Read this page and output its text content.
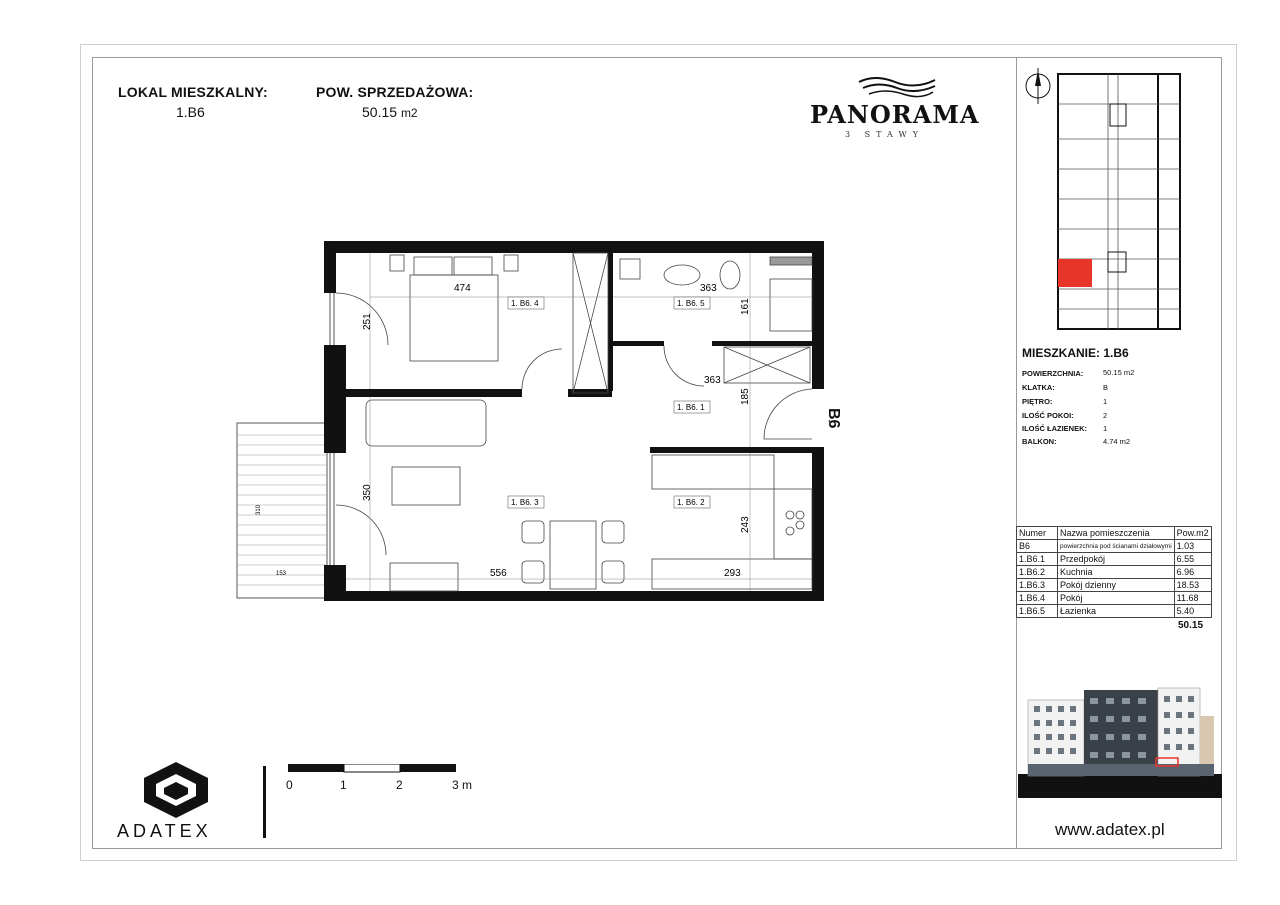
LOKAL MIESZKALNY:
1.B6
POW. SPRZEDAŻOWA:
50.15 m2	PANORAMA
3 STAWY
1. B6. 4	1. B6. 5
1. B6. 1
1. B6. 3	1. B6. 2
474
251
363
161
363
185
350
243
556	293
310
153
B6
0	1	2	3 m
ADATEX
MIESZKANIE: 1.B6
POWIERZCHNIA:	50.15 m2
KLATKA:	B
PIĘTRO:	1
ILOŚĆ POKOI:	2
ILOŚĆ ŁAZIENEK: 1
BALKON:	4.74 m2
Numer	Nazwa pomieszczenia	Pow.m2
B6	powierzchnia pod ścianami działowymi	1.03
1.B6.1	Przedpokój	6.55
1.B6.2	Kuchnia	6.96
1.B6.3	Pokój dzienny	18.53
1.B6.4	Pokój	11.68
1.B6.5	Łazienka	5.40
50.15
www.adatex.pl
